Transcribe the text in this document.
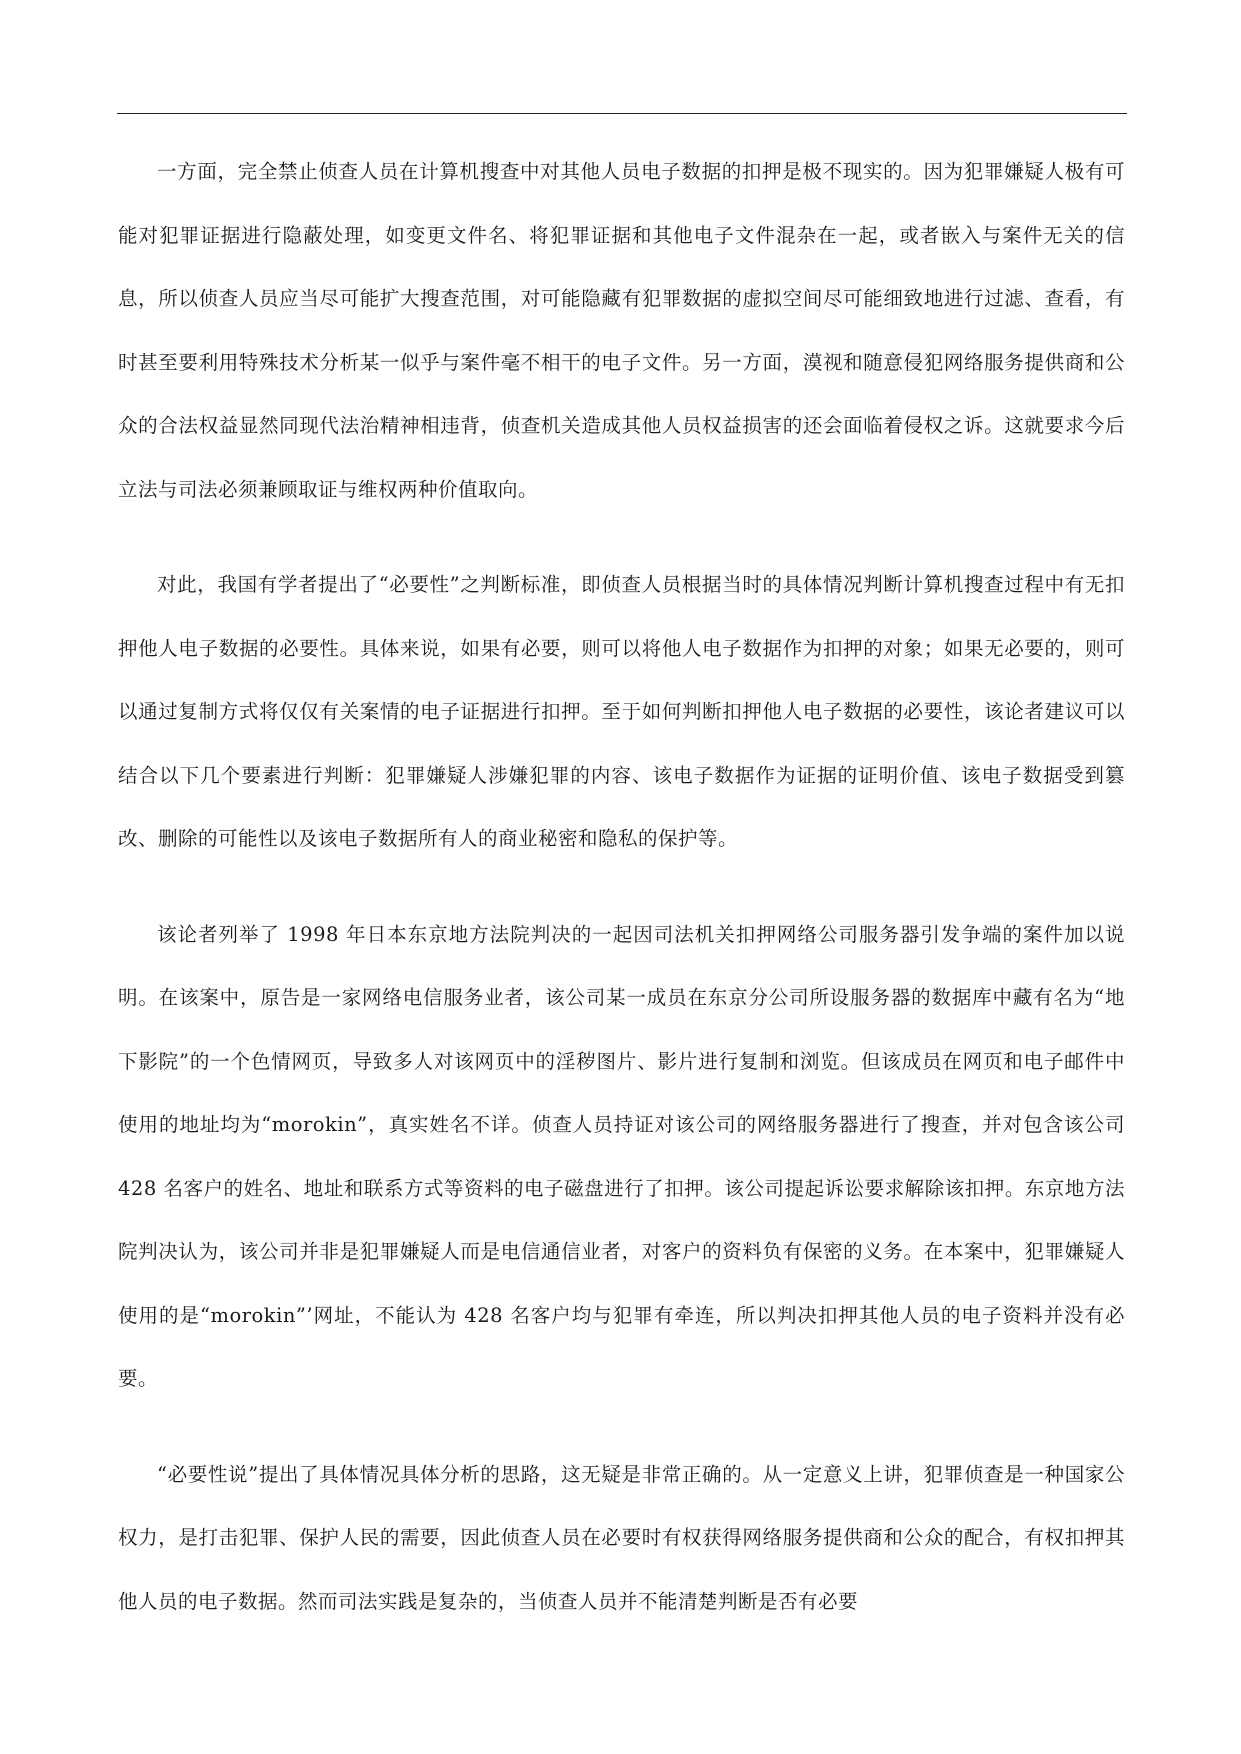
一方面，完全禁止侦查人员在计算机搜查中对其他人员电子数据的扣押是极不现实的。因为犯罪嫌疑人极有可能对犯罪证据进行隐蔽处理，如变更文件名、将犯罪证据和其他电子文件混杂在一起，或者嵌入与案件无关的信息，所以侦查人员应当尽可能扩大搜查范围，对可能隐藏有犯罪数据的虚拟空间尽可能细致地进行过滤、查看，有时甚至要利用特殊技术分析某一似乎与案件毫不相干的电子文件。另一方面，漠视和随意侵犯网络服务提供商和公众的合法权益显然同现代法治精神相违背，侦查机关造成其他人员权益损害的还会面临着侵权之诉。这就要求今后立法与司法必须兼顾取证与维权两种价值取向。

对此，我国有学者提出了“必要性”之判断标准，即侦查人员根据当时的具体情况判断计算机搜查过程中有无扣押他人电子数据的必要性。具体来说，如果有必要，则可以将他人电子数据作为扣押的对象；如果无必要的，则可以通过复制方式将仅仅有关案情的电子证据进行扣押。至于如何判断扣押他人电子数据的必要性，该论者建议可以结合以下几个要素进行判断：犯罪嫌疑人涉嫌犯罪的内容、该电子数据作为证据的证明价值、该电子数据受到篡改、删除的可能性以及该电子数据所有人的商业秘密和隐私的保护等。

该论者列举了 1998 年日本东京地方法院判决的一起因司法机关扣押网络公司服务器引发争端的案件加以说明。在该案中，原告是一家网络电信服务业者，该公司某一成员在东京分公司所设服务器的数据库中藏有名为“地下影院”的一个色情网页，导致多人对该网页中的淫秽图片、影片进行复制和浏览。但该成员在网页和电子邮件中使用的地址均为“morokin”，真实姓名不详。侦查人员持证对该公司的网络服务器进行了搜查，并对包含该公司 428 名客户的姓名、地址和联系方式等资料的电子磁盘进行了扣押。该公司提起诉讼要求解除该扣押。东京地方法院判决认为，该公司并非是犯罪嫌疑人而是电信通信业者，对客户的资料负有保密的义务。在本案中，犯罪嫌疑人使用的是“morokin”’网址，不能认为 428 名客户均与犯罪有牵连，所以判决扣押其他人员的电子资料并没有必要。

“必要性说”提出了具体情况具体分析的思路，这无疑是非常正确的。从一定意义上讲，犯罪侦查是一种国家公权力，是打击犯罪、保护人民的需要，因此侦查人员在必要时有权获得网络服务提供商和公众的配合，有权扣押其他人员的电子数据。然而司法实践是复杂的，当侦查人员并不能清楚判断是否有必要
